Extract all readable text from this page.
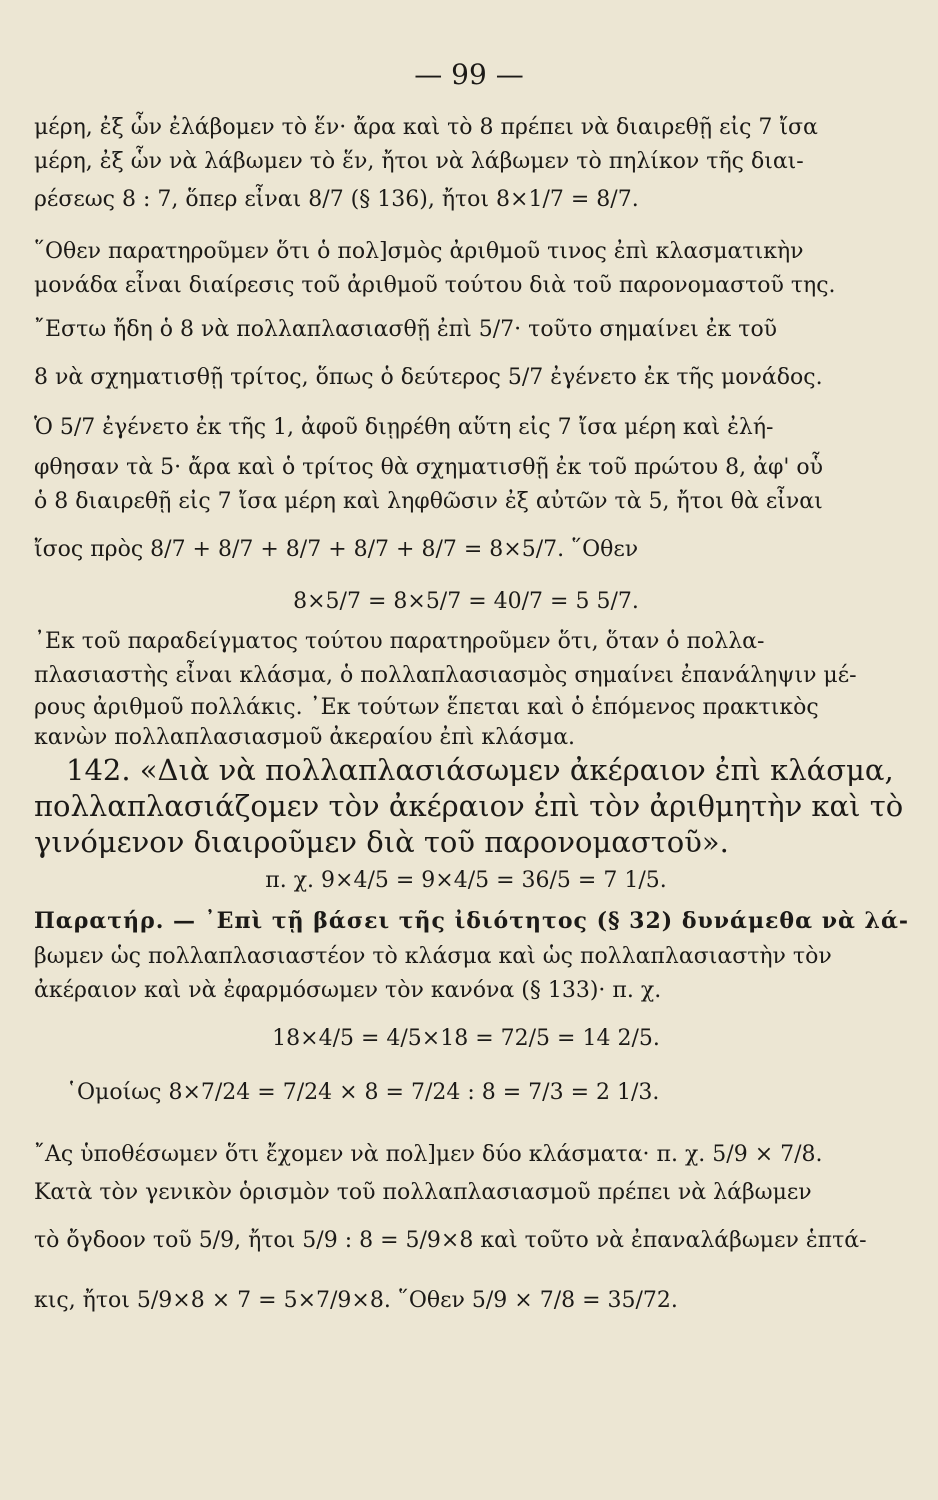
— 99 —
μέρη, ἐξ ὧν ἐλάβομεν τὸ ἕν· ἄρα καὶ τὸ 8 πρέπει νὰ διαιρεθῇ εἰς 7 ἴσα
μέρη, ἐξ ὧν νὰ λάβωμεν τὸ ἕν, ἤτοι νὰ λάβωμεν τὸ πηλίκον τῆς διαι-
ρέσεως 8 : 7, ὅπερ εἶναι 8/7 (§ 136), ἤτοι 8×1/7 = 8/7.
῞Οθεν παρατηροῦμεν ὅτι ὁ πολ]σμὸς ἀριθμοῦ τινος ἐπὶ κλασματικὴν
μονάδα εἶναι διαίρεσις τοῦ ἀριθμοῦ τούτου διὰ τοῦ παρονομαστοῦ της.
῎Εστω ἤδη ὁ 8 νὰ πολλαπλασιασθῇ ἐπὶ 5/7· τοῦτο σημαίνει ἐκ τοῦ
8 νὰ σχηματισθῇ τρίτος, ὅπως ὁ δεύτερος 5/7 ἐγένετο ἐκ τῆς μονάδος.
Ὁ 5/7 ἐγένετο ἐκ τῆς 1, ἀφοῦ διῃρέθη αὕτη εἰς 7 ἴσα μέρη καὶ ἐλή-
φθησαν τὰ 5· ἄρα καὶ ὁ τρίτος θὰ σχηματισθῇ ἐκ τοῦ πρώτου 8, ἀφ' οὗ
ὁ 8 διαιρεθῇ εἰς 7 ἴσα μέρη καὶ ληφθῶσιν ἐξ αὐτῶν τὰ 5, ἤτοι θὰ εἶναι
ἴσος πρὸς 8/7 + 8/7 + 8/7 + 8/7 + 8/7 = 8×5/7. ῞Οθεν
8×5/7 = 8×5/7 = 40/7 = 5 5/7.
᾿Εκ τοῦ παραδείγματος τούτου παρατηροῦμεν ὅτι, ὅταν ὁ πολλα-
πλασιαστὴς εἶναι κλάσμα, ὁ πολλαπλασιασμὸς σημαίνει ἐπανάληψιν μέ-
ρους ἀριθμοῦ πολλάκις. ᾿Εκ τούτων ἕπεται καὶ ὁ ἑπόμενος πρακτικὸς
κανὼν πολλαπλασιασμοῦ ἀκεραίου ἐπὶ κλάσμα.
142. «Διὰ νὰ πολλαπλασιάσωμεν ἀκέραιον ἐπὶ κλάσμα,
πολλαπλασιάζομεν τὸν ἀκέραιον ἐπὶ τὸν ἀριθμητὴν καὶ τὸ
γινόμενον διαιροῦμεν διὰ τοῦ παρονομαστοῦ».
π. χ. 9×4/5 = 9×4/5 = 36/5 = 7 1/5.
Παρατήρ. — ᾿Επὶ τῇ βάσει τῆς ἰδιότητος (§ 32) δυνάμεθα νὰ λά-
βωμεν ὡς πολλαπλασιαστέον τὸ κλάσμα καὶ ὡς πολλαπλασιαστὴν τὸν
ἀκέραιον καὶ νὰ ἐφαρμόσωμεν τὸν κανόνα (§ 133)· π. χ.
18×4/5 = 4/5×18 = 72/5 = 14 2/5.
῾Ομοίως 8×7/24 = 7/24 × 8 = 7/24 : 8 = 7/3 = 2 1/3.
῎Ας ὑποθέσωμεν ὅτι ἔχομεν νὰ πολ]μεν δύο κλάσματα· π. χ. 5/9 × 7/8.
Κατὰ τὸν γενικὸν ὁρισμὸν τοῦ πολλαπλασιασμοῦ πρέπει νὰ λάβωμεν
τὸ ὄγδοον τοῦ 5/9, ἤτοι 5/9 : 8 = 5/9×8 καὶ τοῦτο νὰ ἐπαναλάβωμεν ἑπτά-
κις, ἤτοι 5/9×8 × 7 = 5×7/9×8. ῞Οθεν 5/9 × 7/8 = 35/72.
